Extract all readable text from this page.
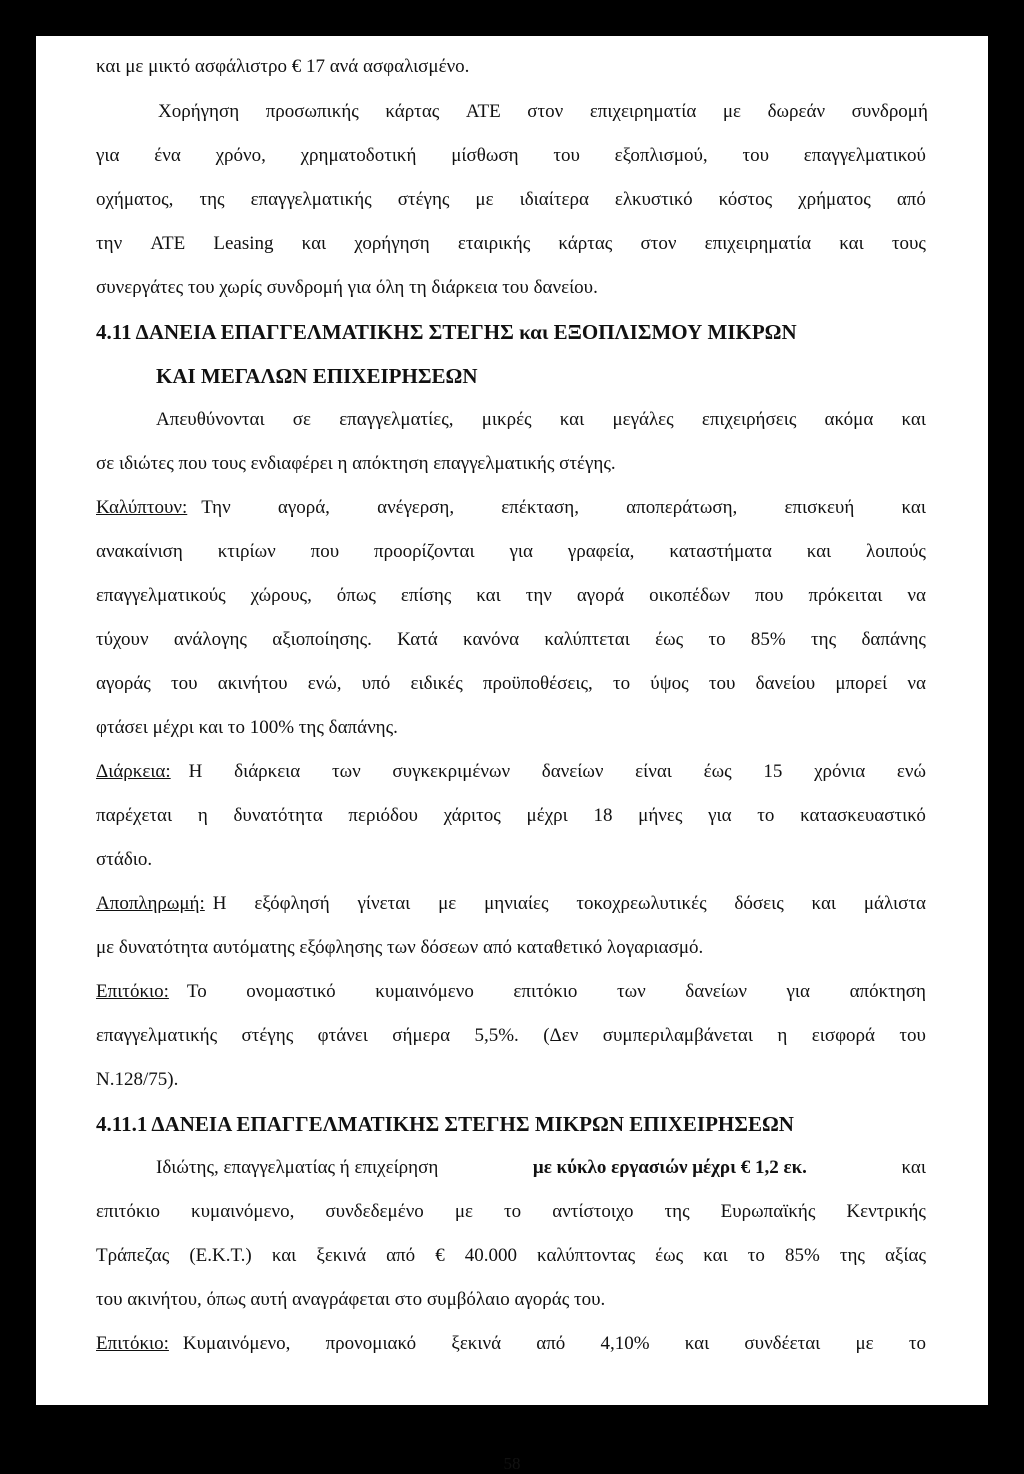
και με μικτό ασφάλιστρο € 17 ανά ασφαλισμένο.
Χορήγηση προσωπικής κάρτας ΑΤΕ στον επιχειρηματία με δωρεάν συνδρομή
για ένα χρόνο, χρηματοδοτική μίσθωση του εξοπλισμού, του επαγγελματικού
οχήματος, της επαγγελματικής στέγης με ιδιαίτερα ελκυστικό κόστος χρήματος από
την ΑΤΕ Leasing και χορήγηση εταιρικής κάρτας στον επιχειρηματία και τους
συνεργάτες του χωρίς συνδρομή για όλη τη διάρκεια του δανείου.
4.11 ΔΑΝΕΙΑ ΕΠΑΓΓΕΛΜΑΤΙΚΗΣ ΣΤΕΓΗΣ και ΕΞΟΠΛΙΣΜΟΥ ΜΙΚΡΩΝ
ΚΑΙ ΜΕΓΑΛΩΝ ΕΠΙΧΕΙΡΗΣΕΩΝ
Απευθύνονται σε επαγγελματίες, μικρές και μεγάλες επιχειρήσεις ακόμα και
σε ιδιώτες που τους ενδιαφέρει η απόκτηση επαγγελματικής στέγης.
Καλύπτουν: Την αγορά, ανέγερση, επέκταση, αποπεράτωση, επισκευή και
ανακαίνιση κτιρίων που προορίζονται για γραφεία, καταστήματα και λοιπούς
επαγγελματικούς χώρους, όπως επίσης και την αγορά οικοπέδων που πρόκειται να
τύχουν ανάλογης αξιοποίησης. Κατά κανόνα καλύπτεται έως το 85% της δαπάνης
αγοράς του ακινήτου ενώ, υπό ειδικές προϋποθέσεις, το ύψος του δανείου μπορεί να
φτάσει μέχρι και το 100% της δαπάνης.
Διάρκεια: Η διάρκεια των συγκεκριμένων δανείων είναι έως 15 χρόνια ενώ
παρέχεται η δυνατότητα περιόδου χάριτος μέχρι 18 μήνες για το κατασκευαστικό
στάδιο.
Αποπληρωμή: Η εξόφλησή γίνεται με μηνιαίες τοκοχρεωλυτικές δόσεις και μάλιστα
με δυνατότητα αυτόματης εξόφλησης των δόσεων από καταθετικό λογαριασμό.
Επιτόκιο: Το ονομαστικό κυμαινόμενο επιτόκιο των δανείων για απόκτηση
επαγγελματικής στέγης φτάνει σήμερα 5,5%. (Δεν συμπεριλαμβάνεται η εισφορά του
Ν.128/75).
4.11.1 ΔΑΝΕΙΑ ΕΠΑΓΓΕΛΜΑΤΙΚΗΣ ΣΤΕΓΗΣ ΜΙΚΡΩΝ ΕΠΙΧΕΙΡΗΣΕΩΝ
Ιδιώτης, επαγγελματίας ή επιχείρηση	με κύκλο εργασιών μέχρι € 1,2 εκ.	και
επιτόκιο κυμαινόμενο, συνδεδεμένο με το αντίστοιχο της Ευρωπαϊκής Κεντρικής
Τράπεζας (Ε.Κ.Τ.) και ξεκινά από € 40.000 καλύπτοντας έως και το 85% της αξίας
του ακινήτου, όπως αυτή αναγράφεται στο συμβόλαιο αγοράς του.
Επιτόκιο: Κυμαινόμενο, προνομιακό ξεκινά από 4,10% και συνδέεται με το
58
